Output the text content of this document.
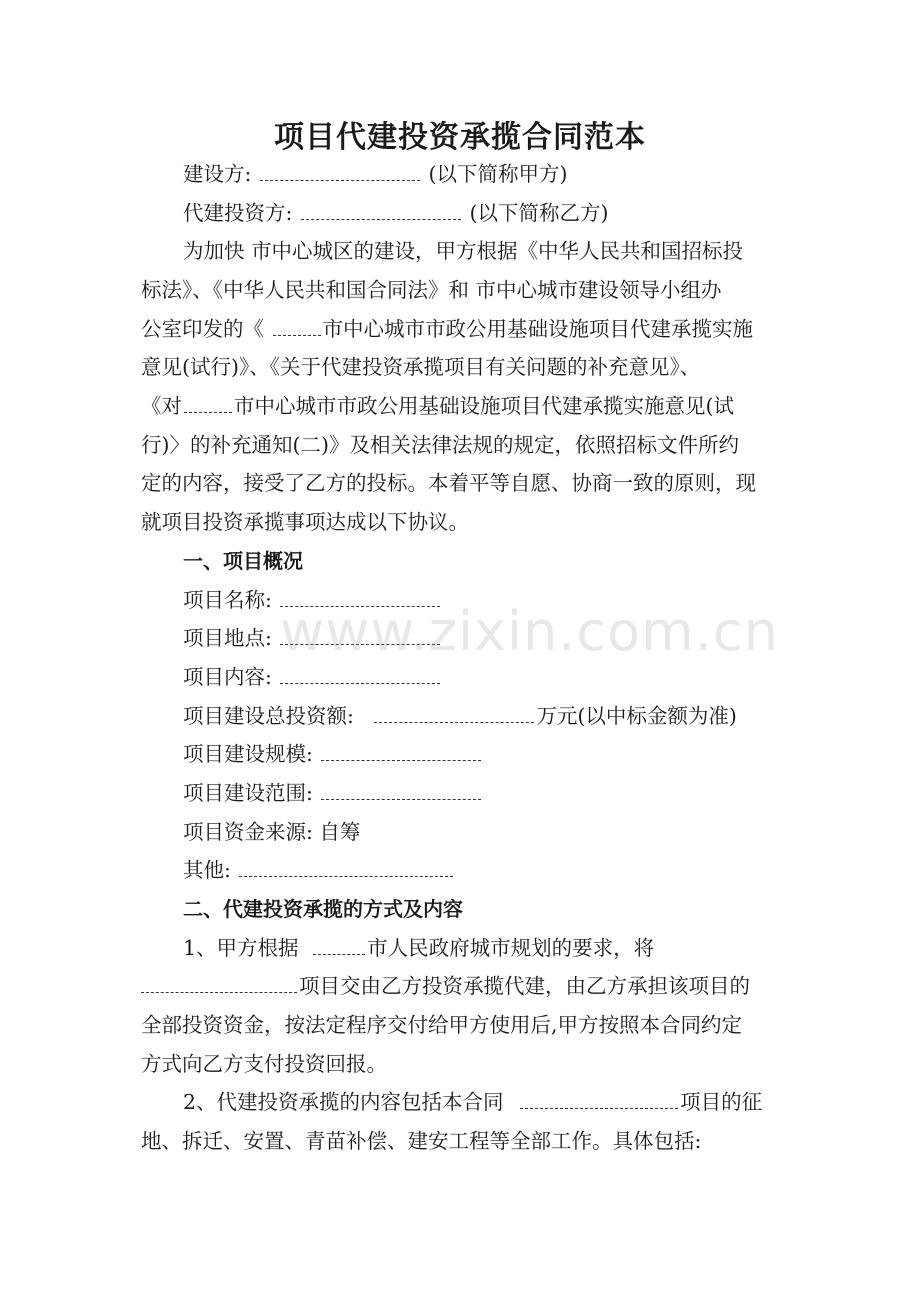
项目代建投资承揽合同范本
建设方:	(以下简称甲方)
代建投资方:	(以下简称乙方)
为加快 市中心城区的建设，甲方根据《中华人民共和国招标投
标法》、《中华人民共和国合同法》和 市中心城市建设领导小组办
公室印发的《	市中心城市市政公用基础设施项目代建承揽实施
意见(试行)》、《关于代建投资承揽项目有关问题的补充意见》、
《对	市中心城市市政公用基础设施项目代建承揽实施意见(试
行)〉的补充通知(二)》及相关法律法规的规定，依照招标文件所约
定的内容，接受了乙方的投标。本着平等自愿、协商一致的原则，现
就项目投资承揽事项达成以下协议。
一、项目概况
项目名称:
项目地点:
项目内容:
项目建设总投资额:	万元(以中标金额为准)
项目建设规模:
项目建设范围:
项目资金来源: 自筹
其他:
二、代建投资承揽的方式及内容
1、甲方根据	市人民政府城市规划的要求，将
项目交由乙方投资承揽代建，由乙方承担该项目的
全部投资资金，按法定程序交付给甲方使用后,甲方按照本合同约定
方式向乙方支付投资回报。
2、代建投资承揽的内容包括本合同	项目的征
地、拆迁、安置、青苗补偿、建安工程等全部工作。具体包括:
www.zixin.com.cn
